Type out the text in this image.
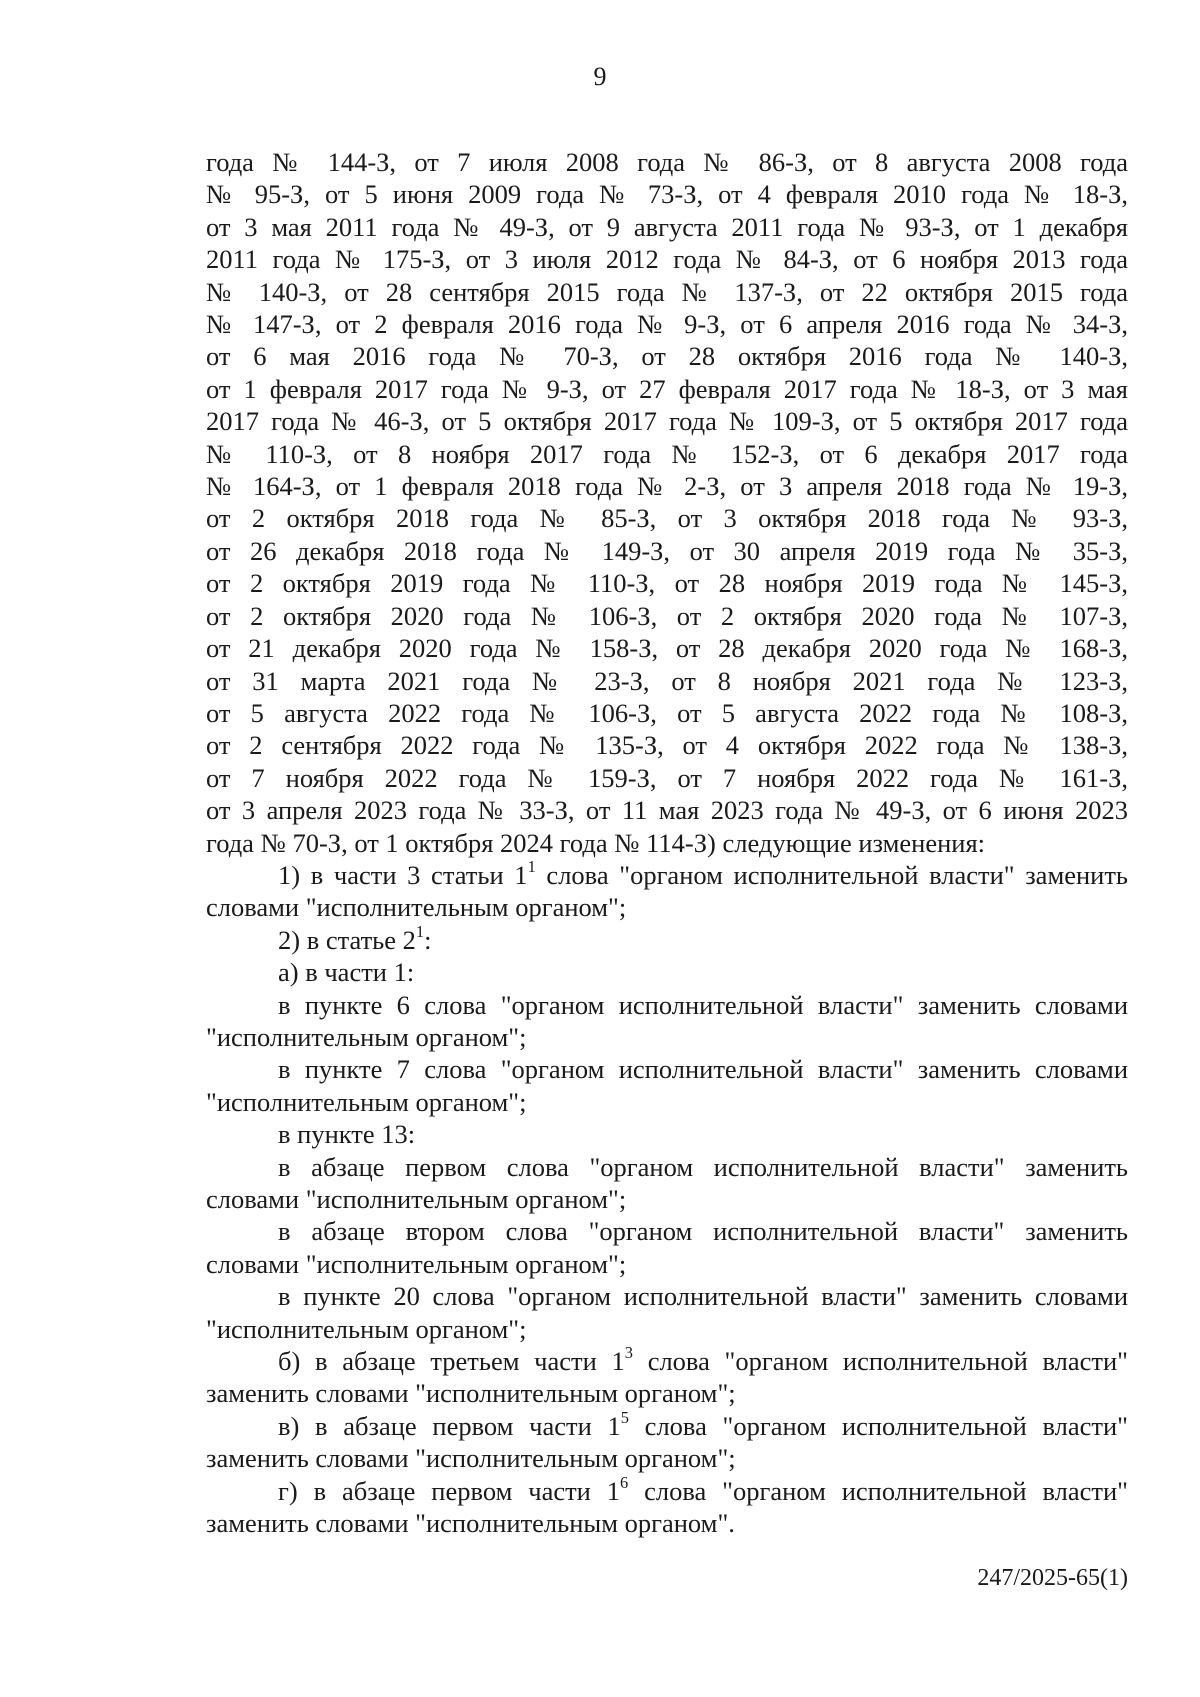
9

года № 144-З, от 7 июля 2008 года № 86-З, от 8 августа 2008 года
№ 95-З, от 5 июня 2009 года № 73-З, от 4 февраля 2010 года № 18-З,
от 3 мая 2011 года № 49-З, от 9 августа 2011 года № 93-З, от 1 декабря
2011 года № 175-З, от 3 июля 2012 года № 84-З, от 6 ноября 2013 года
№ 140-З, от 28 сентября 2015 года № 137-З, от 22 октября 2015 года
№ 147-З, от 2 февраля 2016 года № 9-З, от 6 апреля 2016 года № 34-З,
от 6 мая 2016 года № 70-З, от 28 октября 2016 года № 140-З,
от 1 февраля 2017 года № 9-З, от 27 февраля 2017 года № 18-З, от 3 мая
2017 года № 46-З, от 5 октября 2017 года № 109-З, от 5 октября 2017 года
№ 110-З, от 8 ноября 2017 года № 152-З, от 6 декабря 2017 года
№ 164-З, от 1 февраля 2018 года № 2-З, от 3 апреля 2018 года № 19-З,
от 2 октября 2018 года № 85-З, от 3 октября 2018 года № 93-З,
от 26 декабря 2018 года № 149-З, от 30 апреля 2019 года № 35-З,
от 2 октября 2019 года № 110-З, от 28 ноября 2019 года № 145-З,
от 2 октября 2020 года № 106-З, от 2 октября 2020 года № 107-З,
от 21 декабря 2020 года № 158-З, от 28 декабря 2020 года № 168-З,
от 31 марта 2021 года № 23-З, от 8 ноября 2021 года № 123-З,
от 5 августа 2022 года № 106-З, от 5 августа 2022 года № 108-З,
от 2 сентября 2022 года № 135-З, от 4 октября 2022 года № 138-З,
от 7 ноября 2022 года № 159-З, от 7 ноября 2022 года № 161-З,
от 3 апреля 2023 года № 33-З, от 11 мая 2023 года № 49-З, от 6 июня 2023
года № 70-З, от 1 октября 2024 года № 114-З) следующие изменения:

1) в части 3 статьи $1^1$ слова "органом исполнительной власти" заменить словами "исполнительным органом";

2) в статье $2^1$:

а) в части 1:

в пункте 6 слова "органом исполнительной власти" заменить словами "исполнительным органом";

в пункте 7 слова "органом исполнительной власти" заменить словами "исполнительным органом";

в пункте 13:

в абзаце первом слова "органом исполнительной власти" заменить словами "исполнительным органом";

в абзаце втором слова "органом исполнительной власти" заменить словами "исполнительным органом";

в пункте 20 слова "органом исполнительной власти" заменить словами "исполнительным органом";

б) в абзаце третьем части $1^3$ слова "органом исполнительной власти" заменить словами "исполнительным органом";

в) в абзаце первом части $1^5$ слова "органом исполнительной власти" заменить словами "исполнительным органом";

г) в абзаце первом части $1^6$ слова "органом исполнительной власти" заменить словами "исполнительным органом".

247/2025-65(1)
